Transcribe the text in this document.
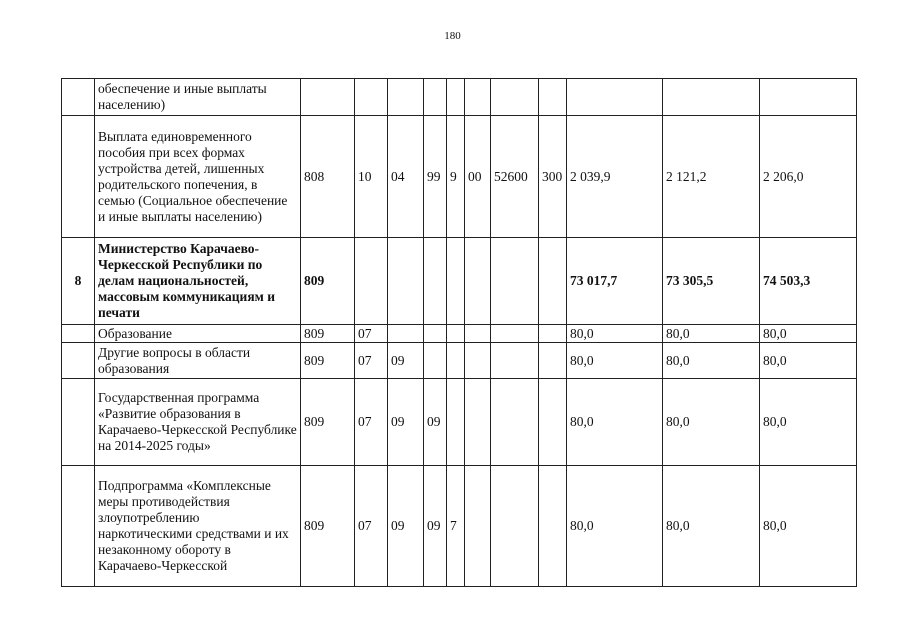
180
	обеспечение и иные выплаты населению)											
	Выплата единовременного пособия при всех формах устройства детей, лишенных родительского попечения, в семью (Социальное обеспечение и иные выплаты населению)	808	10	04	99	9	00	52600	300	2 039,9	2 121,2	2 206,0
8	Министерство Карачаево-Черкесской Республики по делам национальностей, массовым коммуникациям и печати	809								73 017,7	73 305,5	74 503,3
	Образование	809	07							80,0	80,0	80,0
	Другие вопросы в области образования	809	07	09						80,0	80,0	80,0
	Государственная программа «Развитие образования в Карачаево-Черкесской Республике на 2014-2025 годы»	809	07	09	09					80,0	80,0	80,0
	Подпрограмма «Комплексные меры противодействия злоупотреблению наркотическими средствами и их незаконному обороту в Карачаево-Черкесской	809	07	09	09	7				80,0	80,0	80,0
